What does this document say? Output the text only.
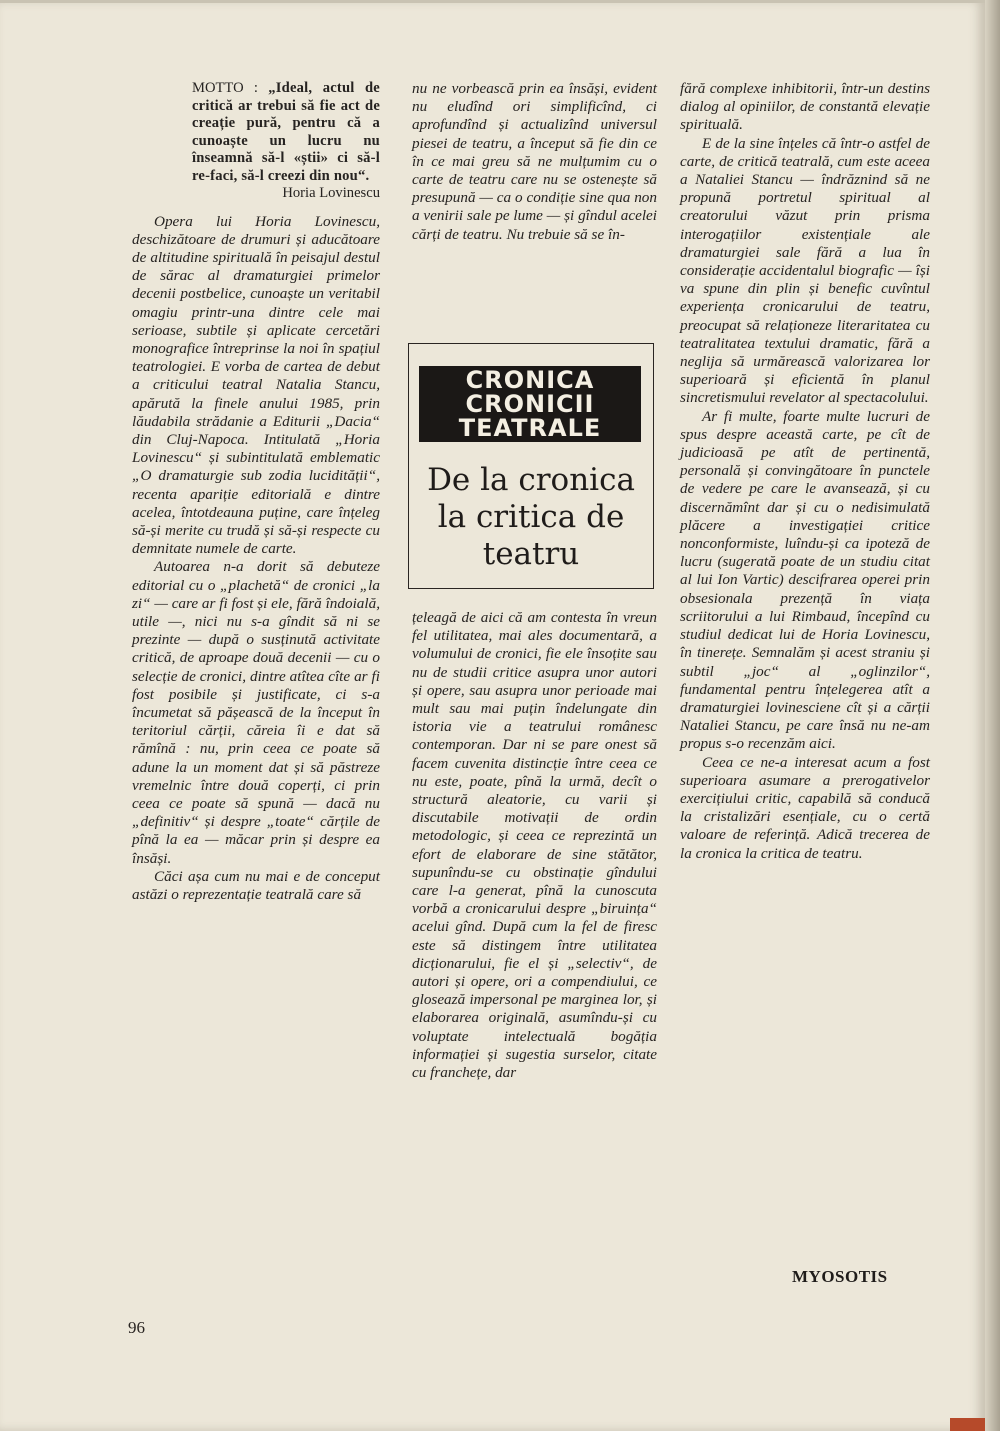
MOTTO : „Ideal, actul de critică ar trebui să fie act de creație pură, pentru că a cunoaște un lucru nu înseamnă să-l «știi» ci să-l re-faci, să-l creezi din nou“.
Horia Lovinescu

Opera lui Horia Lovinescu, deschizătoare de drumuri și aducătoare de altitudine spirituală în peisajul destul de sărac al dramaturgiei primelor decenii postbelice, cunoaște un veritabil omagiu printr-una dintre cele mai serioase, subtile și aplicate cercetări monografice întreprinse la noi în spațiul teatrologiei. E vorba de cartea de debut a criticului teatral Natalia Stancu, apărută la finele anului 1985, prin lăudabila strădanie a Editurii „Dacia“ din Cluj-Napoca. Intitulată „Horia Lovinescu“ și subintitulată emblematic „O dramaturgie sub zodia lucidității“, recenta apariție editorială e dintre acelea, întotdeauna puține, care înțeleg să-și merite cu trudă și să-și respecte cu demnitate numele de carte.

Autoarea n-a dorit să debuteze editorial cu o „plachetă“ de cronici „la zi“ — care ar fi fost și ele, fără îndoială, utile —, nici nu s-a gîndit să ni se prezinte — după o susținută activitate critică, de aproape două decenii — cu o selecție de cronici, dintre atîtea cîte ar fi fost posibile și justificate, ci s-a încumetat să pășească de la început în teritoriul cărții, căreia îi e dat să rămînă : nu, prin ceea ce poate să adune la un moment dat și să păstreze vremelnic între două coperți, ci prin ceea ce poate să spună — dacă nu „definitiv“ și despre „toate“ cărțile de pînă la ea — măcar prin și despre ea însăși.

Căci așa cum nu mai e de conceput astăzi o reprezentație teatrală care să

nu ne vorbească prin ea însăși, evident nu eludînd ori simplificînd, ci aprofundînd și actualizînd universul piesei de teatru, a început să fie din ce în ce mai greu să ne mulțumim cu o carte de teatru care nu se ostenește să presupună — ca o condiție sine qua non a venirii sale pe lume — și gîndul acelei cărți de teatru. Nu trebuie să se în-

CRONICA
CRONICII
TEATRALE
De la cronica la critica de teatru

țeleagă de aici că am contesta în vreun fel utilitatea, mai ales documentară, a volumului de cronici, fie ele însoțite sau nu de studii critice asupra unor autori și opere, sau asupra unor perioade mai mult sau mai puțin îndelungate din istoria vie a teatrului românesc contemporan. Dar ni se pare onest să facem cuvenita distincție între ceea ce nu este, poate, pînă la urmă, decît o structură aleatorie, cu varii și discutabile motivații de ordin metodologic, și ceea ce reprezintă un efort de elaborare de sine stătător, supunîndu-se cu obstinație gîndului care l-a generat, pînă la cunoscuta vorbă a cronicarului despre „biruința“ acelui gînd. După cum la fel de firesc este să distingem între utilitatea dicționarului, fie el și „selectiv“, de autori și opere, ori a compendiului, ce glosează impersonal pe marginea lor, și elaborarea originală, asumîndu-și cu voluptate intelectuală bogăția informației și sugestia surselor, citate cu franchețe, dar

fără complexe inhibitorii, într-un destins dialog al opiniilor, de constantă elevație spirituală.

E de la sine înțeles că într-o astfel de carte, de critică teatrală, cum este aceea a Nataliei Stancu — îndrăznind să ne propună portretul spiritual al creatorului văzut prin prisma interogațiilor existențiale ale dramaturgiei sale fără a lua în considerație accidentalul biografic — își va spune din plin și benefic cuvîntul experiența cronicarului de teatru, preocupat să relaționeze literaritatea cu teatralitatea textului dramatic, fără a neglija să urmărească valorizarea lor superioară și eficientă în planul sincretismului revelator al spectacolului.

Ar fi multe, foarte multe lucruri de spus despre această carte, pe cît de judicioasă pe atît de pertinentă, personală și convingătoare în punctele de vedere pe care le avansează, și cu discernămînt dar și cu o nedisimulată plăcere a investigației critice nonconformiste, luîndu-și ca ipoteză de lucru (sugerată poate de un studiu citat al lui Ion Vartic) descifrarea operei prin obsesionala prezență în viața scriitorului a lui Rimbaud, începînd cu studiul dedicat lui de Horia Lovinescu, în tinerețe. Semnalăm și acest straniu și subtil „joc“ al „oglinzilor“, fundamental pentru înțelegerea atît a dramaturgiei lovinesciene cît și a cărții Nataliei Stancu, pe care însă nu ne-am propus s-o recenzăm aici.

Ceea ce ne-a interesat acum a fost superioara asumare a prerogativelor exercițiului critic, capabilă să conducă la cristalizări esențiale, cu o certă valoare de referință. Adică trecerea de la cronica la critica de teatru.

MYOSOTIS
96
